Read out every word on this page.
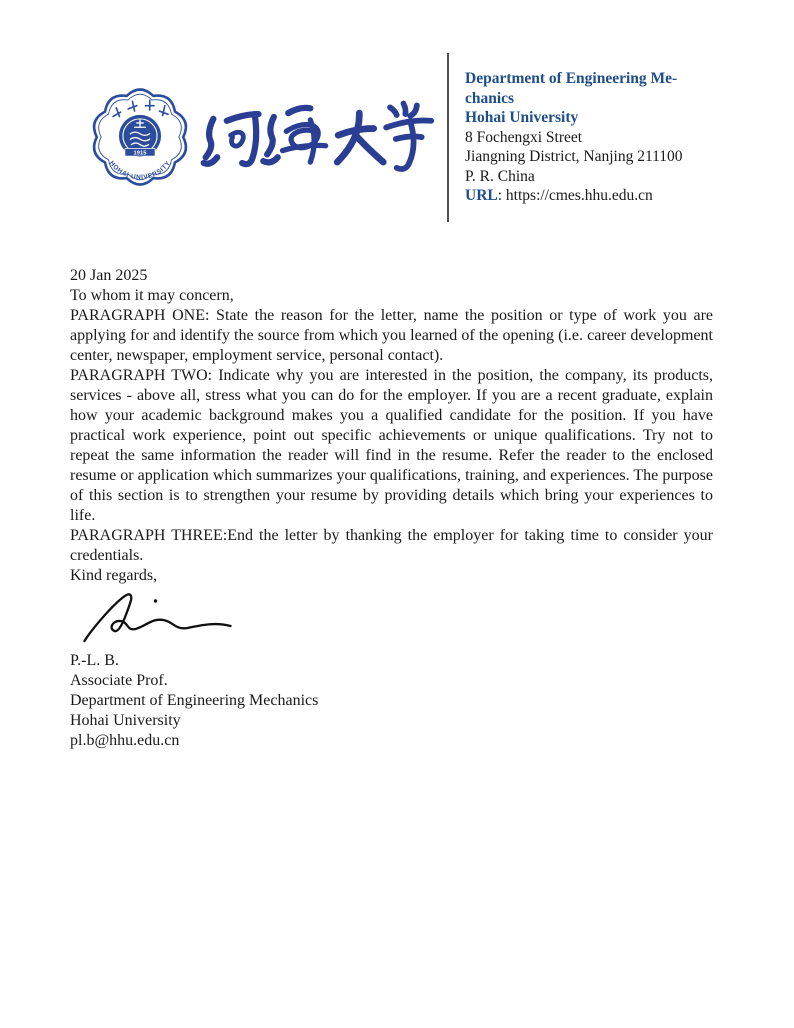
1915
HOHAI UNIVERSITY
Department of Engineering Me-
chanics
Hohai University
8 Fochengxi Street
Jiangning District, Nanjing 211100
P. R. China
URL: https://cmes.hhu.edu.cn

20 Jan 2025

To whom it may concern,

PARAGRAPH ONE: State the reason for the letter, name the position or type of work you are applying for and identify the source from which you learned of the opening (i.e. career development center, newspaper, employment service, personal contact).

PARAGRAPH TWO: Indicate why you are interested in the position, the company, its products, services - above all, stress what you can do for the employer. If you are a recent graduate, explain how your academic background makes you a qualified candidate for the position. If you have practical work experience, point out specific achievements or unique qualifications. Try not to repeat the same information the reader will find in the resume. Refer the reader to the enclosed resume or application which summarizes your qualifications, training, and experiences. The purpose of this section is to strengthen your resume by providing details which bring your experiences to life.

PARAGRAPH THREE:End the letter by thanking the employer for taking time to consider your credentials.

Kind regards,

P.-L. B.
Associate Prof.
Department of Engineering Mechanics
Hohai University
pl.b@hhu.edu.cn
